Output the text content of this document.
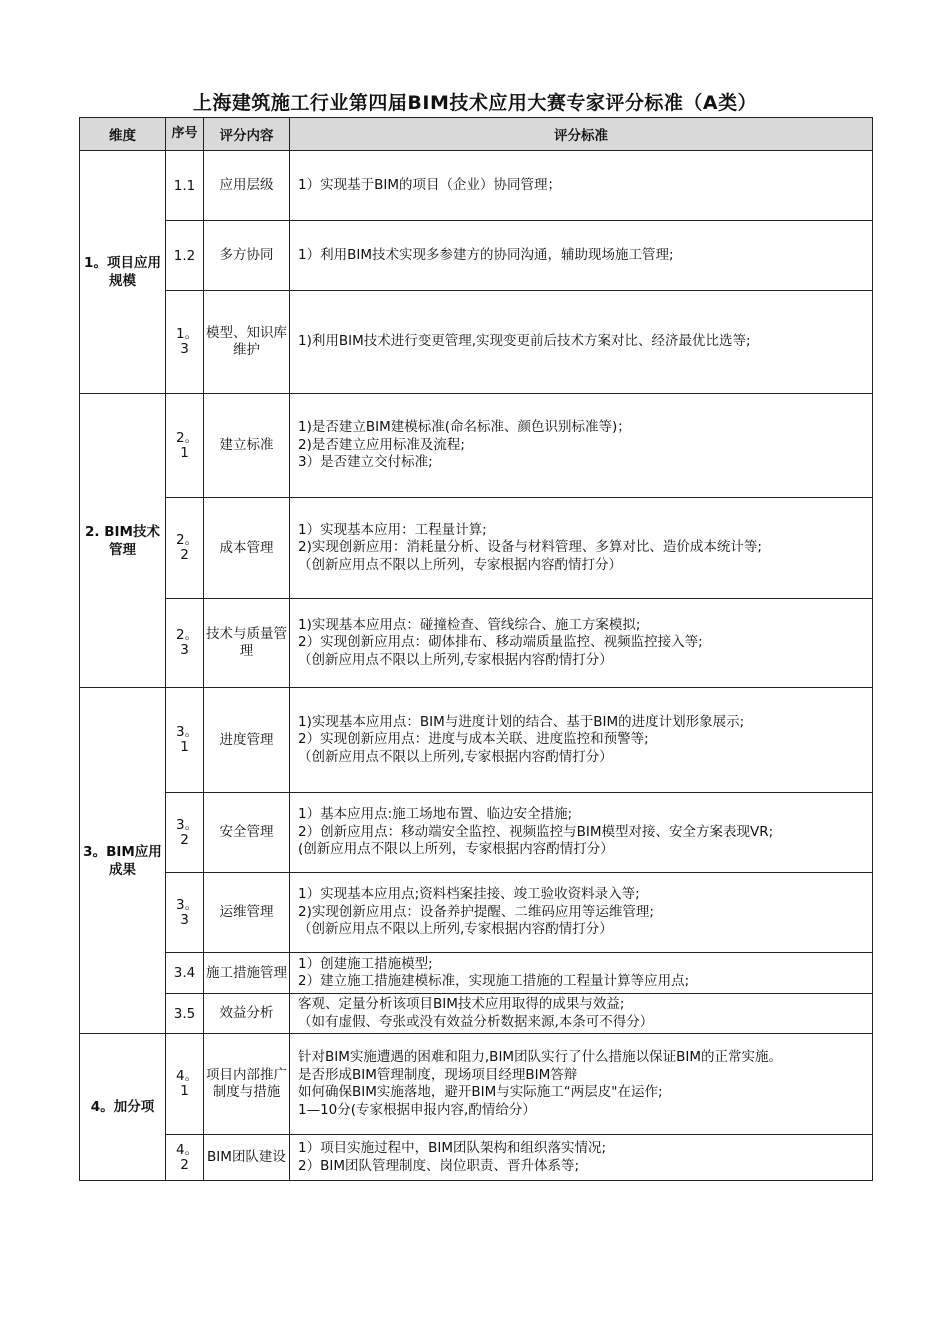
上海建筑施工行业第四届BIM技术应用大赛专家评分标准（A类）
维度	序号	评分内容	评分标准
1。项目应用规模	1.1	应用层级	1）实现基于BIM的项目（企业）协同管理；

	1.2	多方协同	1）利用BIM技术实现多参建方的协同沟通，辅助现场施工管理;

	1。3	模型、知识库维护	1)利用BIM技术进行变更管理,实现变更前后技术方案对比、经济最优比选等;

2. BIM技术管理	2。1	建立标准	1)是否建立BIM建模标准(命名标准、颜色识别标准等)；
2)是否建立应用标准及流程;
3）是否建立交付标准;

	2。2	成本管理	1）实现基本应用：工程量计算;
2)实现创新应用：消耗量分析、设备与材料管理、多算对比、造价成本统计等;
（创新应用点不限以上所列，专家根据内容酌情打分）

	2。3	技术与质量管理	1)实现基本应用点：碰撞检查、管线综合、施工方案模拟;
2）实现创新应用点：砌体排布、移动端质量监控、视频监控接入等;
（创新应用点不限以上所列,专家根据内容酌情打分）

3。BIM应用成果	3。1	进度管理	1)实现基本应用点：BIM与进度计划的结合、基于BIM的进度计划形象展示;
2）实现创新应用点：进度与成本关联、进度监控和预警等;
（创新应用点不限以上所列,专家根据内容酌情打分）

	3。2	安全管理	1）基本应用点:施工场地布置、临边安全措施;
2）创新应用点：移动端安全监控、视频监控与BIM模型对接、安全方案表现VR;
(创新应用点不限以上所列，专家根据内容酌情打分）

	3。3	运维管理	1）实现基本应用点;资料档案挂接、竣工验收资料录入等;
2)实现创新应用点：设备养护提醒、二维码应用等运维管理;
（创新应用点不限以上所列,专家根据内容酌情打分）

	3.4	施工措施管理	1）创建施工措施模型;
2）建立施工措施建模标准，实现施工措施的工程量计算等应用点;

	3.5	效益分析	客观、定量分析该项目BIM技术应用取得的成果与效益;
（如有虚假、夸张或没有效益分析数据来源,本条可不得分）

4。加分项	4。1	项目内部推广制度与措施	针对BIM实施遭遇的困难和阻力,BIM团队实行了什么措施以保证BIM的正常实施。
是否形成BIM管理制度，现场项目经理BIM答辩
如何确保BIM实施落地，避开BIM与实际施工“两层皮"在运作;
1—10分(专家根据申报内容,酌情给分）

	4。2	BIM团队建设	1）项目实施过程中，BIM团队架构和组织落实情况;
2）BIM团队管理制度、岗位职责、晋升体系等;
